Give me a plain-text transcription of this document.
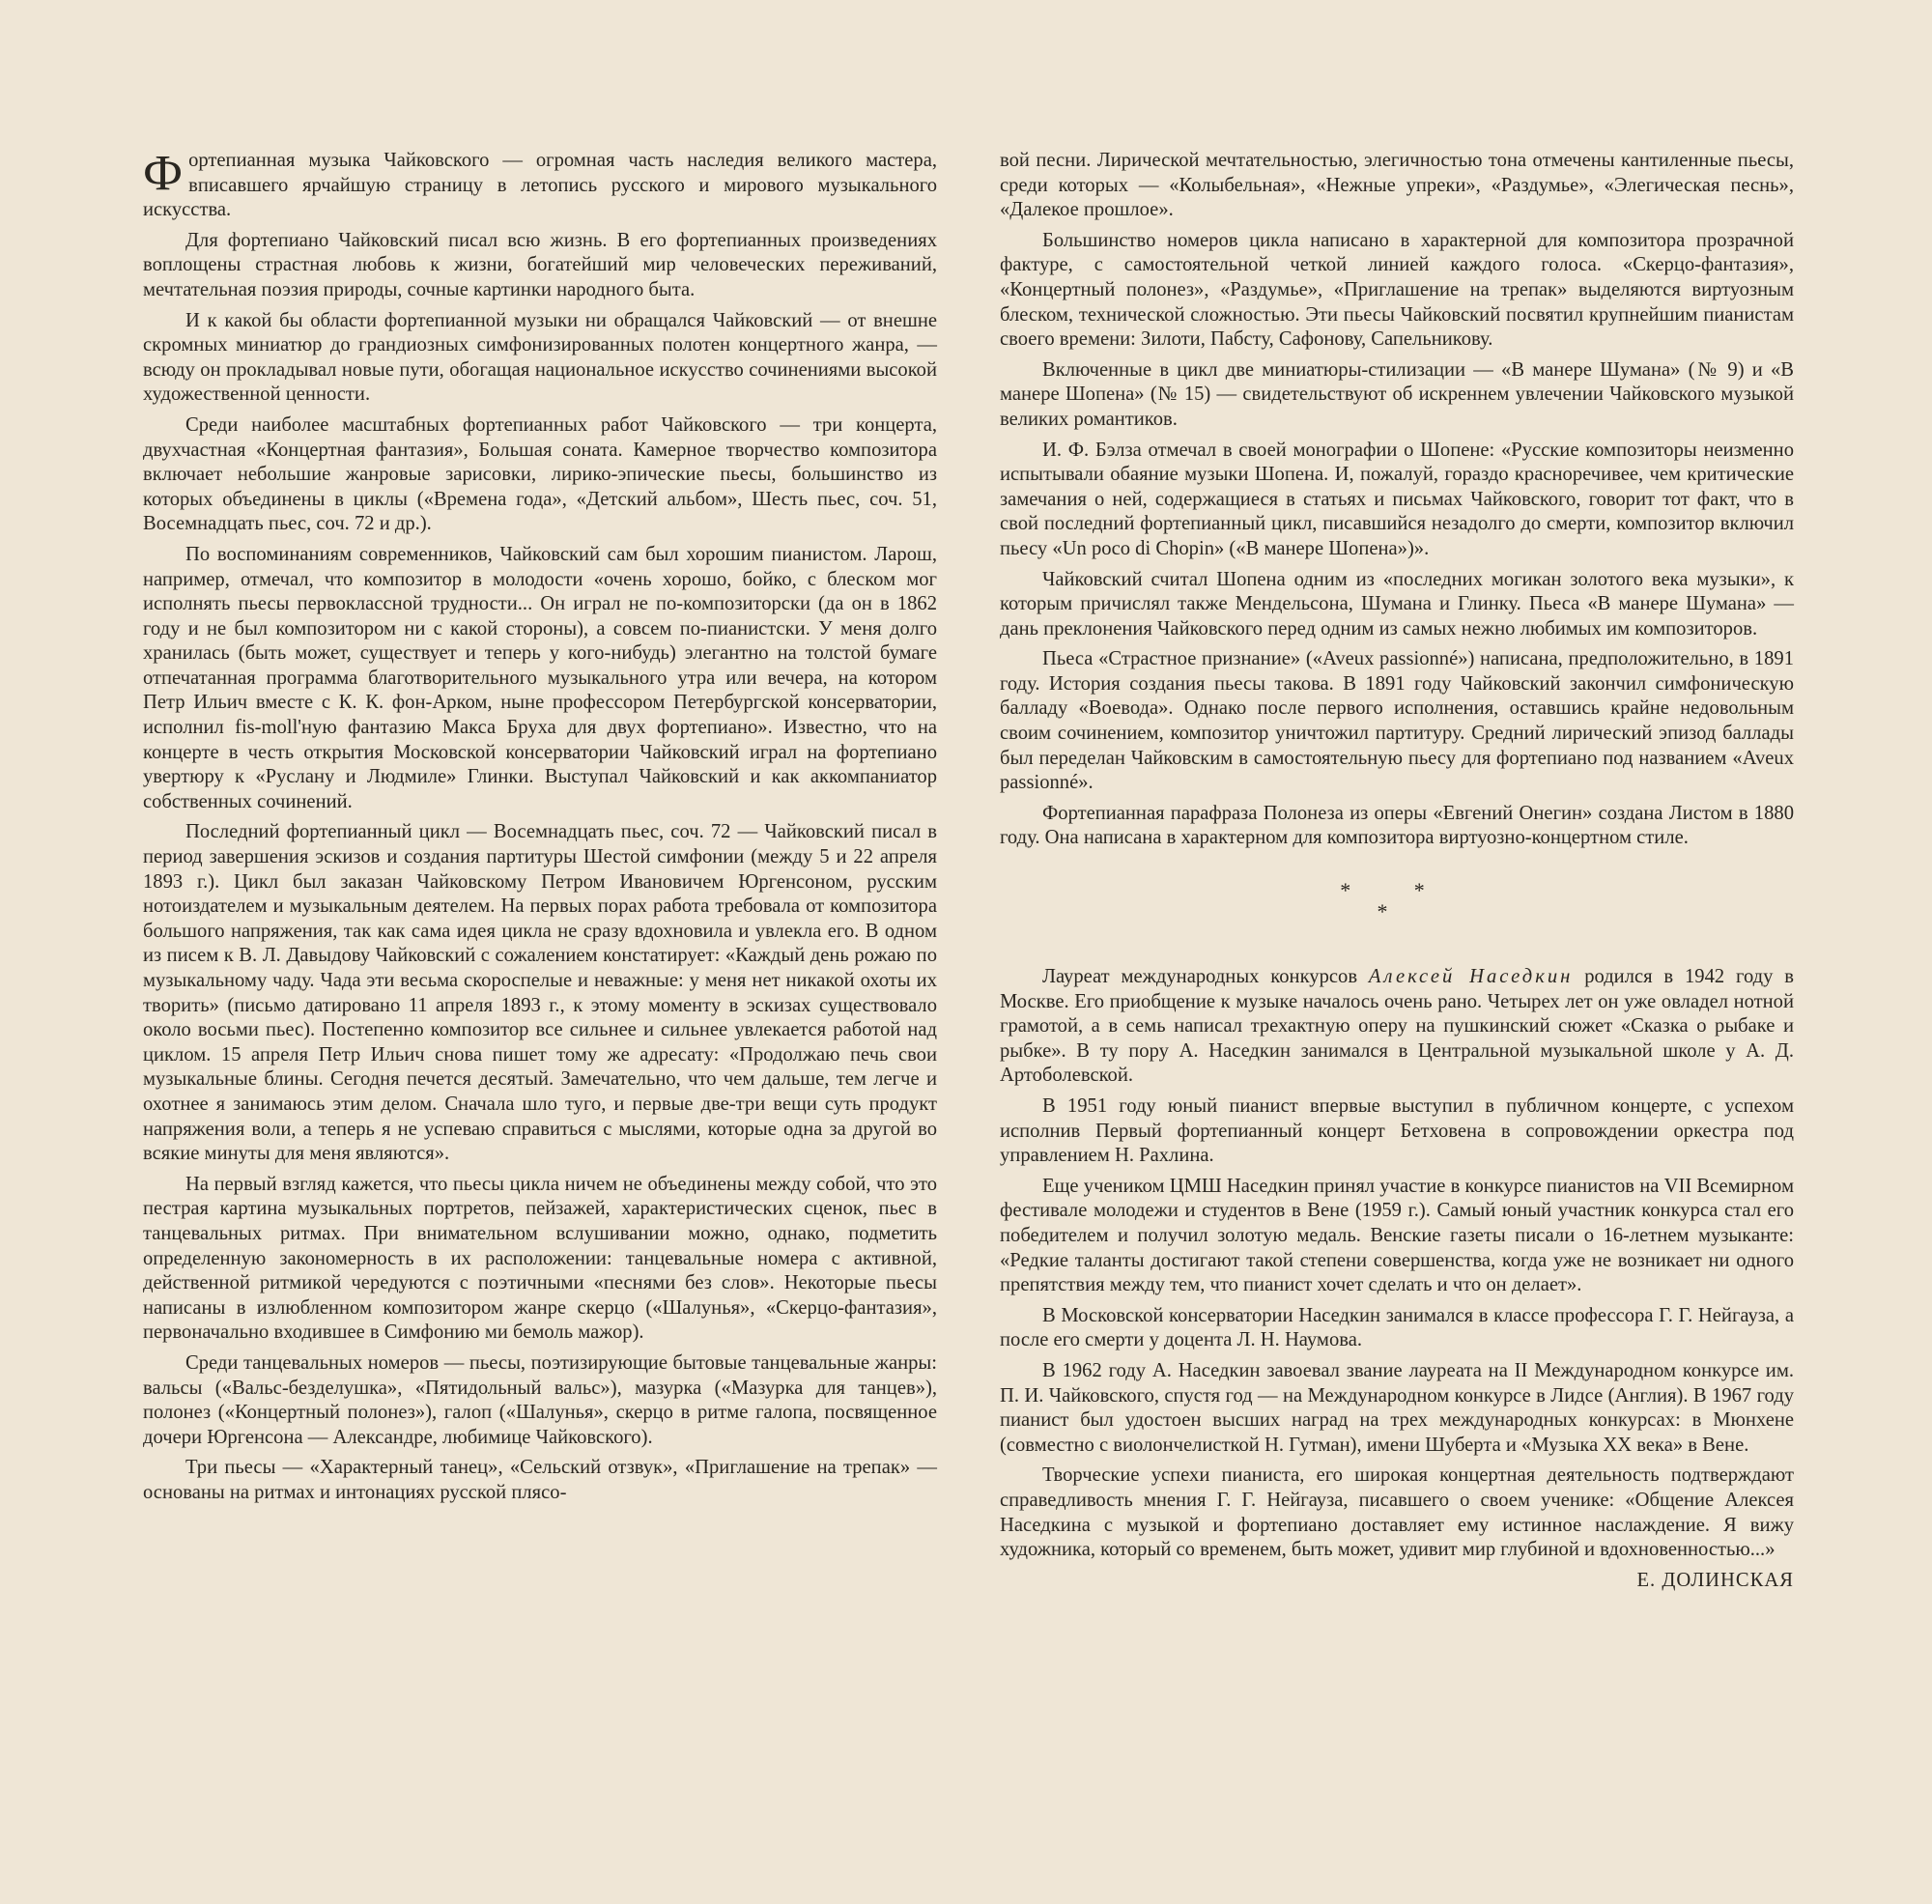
Фортепианная музыка Чайковского — огромная часть наследия великого мастера, вписавшего ярчайшую страницу в летопись русского и мирового музыкального искусства.

Для фортепиано Чайковский писал всю жизнь. В его фортепианных произведениях воплощены страстная любовь к жизни, богатейший мир человеческих переживаний, мечтательная поэзия природы, сочные картинки народного быта.

И к какой бы области фортепианной музыки ни обращался Чайковский — от внешне скромных миниатюр до грандиозных симфонизированных полотен концертного жанра, — всюду он прокладывал новые пути, обогащая национальное искусство сочинениями высокой художественной ценности.

Среди наиболее масштабных фортепианных работ Чайковского — три концерта, двухчастная «Концертная фантазия», Большая соната. Камерное творчество композитора включает небольшие жанровые зарисовки, лирико-эпические пьесы, большинство из которых объединены в циклы («Времена года», «Детский альбом», Шесть пьес, соч. 51, Восемнадцать пьес, соч. 72 и др.).

По воспоминаниям современников, Чайковский сам был хорошим пианистом. Ларош, например, отмечал, что композитор в молодости «очень хорошо, бойко, с блеском мог исполнять пьесы первоклассной трудности... Он играл не по-композиторски (да он в 1862 году и не был композитором ни с какой стороны), а совсем по-пианистски. У меня долго хранилась (быть может, существует и теперь у кого-нибудь) элегантно на толстой бумаге отпечатанная программа благотворительного музыкального утра или вечера, на котором Петр Ильич вместе с К. К. фон-Арком, ныне профессором Петербургской консерватории, исполнил fis-moll'ную фантазию Макса Бруха для двух фортепиано». Известно, что на концерте в честь открытия Московской консерватории Чайковский играл на фортепиано увертюру к «Руслану и Людмиле» Глинки. Выступал Чайковский и как аккомпаниатор собственных сочинений.

Последний фортепианный цикл — Восемнадцать пьес, соч. 72 — Чайковский писал в период завершения эскизов и создания партитуры Шестой симфонии (между 5 и 22 апреля 1893 г.). Цикл был заказан Чайковскому Петром Ивановичем Юргенсоном, русским нотоиздателем и музыкальным деятелем. На первых порах работа требовала от композитора большого напряжения, так как сама идея цикла не сразу вдохновила и увлекла его. В одном из писем к В. Л. Давыдову Чайковский с сожалением констатирует: «Каждый день рожаю по музыкальному чаду. Чада эти весьма скороспелые и неважные: у меня нет никакой охоты их творить» (письмо датировано 11 апреля 1893 г., к этому моменту в эскизах существовало около восьми пьес). Постепенно композитор все сильнее и сильнее увлекается работой над циклом. 15 апреля Петр Ильич снова пишет тому же адресату: «Продолжаю печь свои музыкальные блины. Сегодня печется десятый. Замечательно, что чем дальше, тем легче и охотнее я занимаюсь этим делом. Сначала шло туго, и первые две-три вещи суть продукт напряжения воли, а теперь я не успеваю справиться с мыслями, которые одна за другой во всякие минуты для меня являются».

На первый взгляд кажется, что пьесы цикла ничем не объединены между собой, что это пестрая картина музыкальных портретов, пейзажей, характеристических сценок, пьес в танцевальных ритмах. При внимательном вслушивании можно, однако, подметить определенную закономерность в их расположении: танцевальные номера с активной, действенной ритмикой чередуются с поэтичными «песнями без слов». Некоторые пьесы написаны в излюбленном композитором жанре скерцо («Шалунья», «Скерцо-фантазия», первоначально входившее в Симфонию ми бемоль мажор).

Среди танцевальных номеров — пьесы, поэтизирующие бытовые танцевальные жанры: вальсы («Вальс-безделушка», «Пятидольный вальс»), мазурка («Мазурка для танцев»), полонез («Концертный полонез»), галоп («Шалунья», скерцо в ритме галопа, посвященное дочери Юргенсона — Александре, любимице Чайковского).

Три пьесы — «Характерный танец», «Сельский отзвук», «Приглашение на трепак» — основаны на ритмах и интонациях русской плясо-

вой песни. Лирической мечтательностью, элегичностью тона отмечены кантиленные пьесы, среди которых — «Колыбельная», «Нежные упреки», «Раздумье», «Элегическая песнь», «Далекое прошлое».

Большинство номеров цикла написано в характерной для композитора прозрачной фактуре, с самостоятельной четкой линией каждого голоса. «Скерцо-фантазия», «Концертный полонез», «Раздумье», «Приглашение на трепак» выделяются виртуозным блеском, технической сложностью. Эти пьесы Чайковский посвятил крупнейшим пианистам своего времени: Зилоти, Пабсту, Сафонову, Сапельникову.

Включенные в цикл две миниатюры-стилизации — «В манере Шумана» (№ 9) и «В манере Шопена» (№ 15) — свидетельствуют об искреннем увлечении Чайковского музыкой великих романтиков.

И. Ф. Бэлза отмечал в своей монографии о Шопене: «Русские композиторы неизменно испытывали обаяние музыки Шопена. И, пожалуй, гораздо красноречивее, чем критические замечания о ней, содержащиеся в статьях и письмах Чайковского, говорит тот факт, что в свой последний фортепианный цикл, писавшийся незадолго до смерти, композитор включил пьесу «Un poco di Chopin» («В манере Шопена»)».

Чайковский считал Шопена одним из «последних могикан золотого века музыки», к которым причислял также Мендельсона, Шумана и Глинку. Пьеса «В манере Шумана» — дань преклонения Чайковского перед одним из самых нежно любимых им композиторов.

Пьеса «Страстное признание» («Aveux passionné») написана, предположительно, в 1891 году. История создания пьесы такова. В 1891 году Чайковский закончил симфоническую балладу «Воевода». Однако после первого исполнения, оставшись крайне недовольным своим сочинением, композитор уничтожил партитуру. Средний лирический эпизод баллады был переделан Чайковским в самостоятельную пьесу для фортепиано под названием «Aveux passionné».

Фортепианная парафраза Полонеза из оперы «Евгений Онегин» создана Листом в 1880 году. Она написана в характерном для композитора виртуозно-концертном стиле.

* *
*

Лауреат международных конкурсов Алексей Наседкин родился в 1942 году в Москве. Его приобщение к музыке началось очень рано. Четырех лет он уже овладел нотной грамотой, а в семь написал трехактную оперу на пушкинский сюжет «Сказка о рыбаке и рыбке». В ту пору А. Наседкин занимался в Центральной музыкальной школе у А. Д. Артоболевской.

В 1951 году юный пианист впервые выступил в публичном концерте, с успехом исполнив Первый фортепианный концерт Бетховена в сопровождении оркестра под управлением Н. Рахлина.

Еще учеником ЦМШ Наседкин принял участие в конкурсе пианистов на VII Всемирном фестивале молодежи и студентов в Вене (1959 г.). Самый юный участник конкурса стал его победителем и получил золотую медаль. Венские газеты писали о 16-летнем музыканте: «Редкие таланты достигают такой степени совершенства, когда уже не возникает ни одного препятствия между тем, что пианист хочет сделать и что он делает».

В Московской консерватории Наседкин занимался в классе профессора Г. Г. Нейгауза, а после его смерти у доцента Л. Н. Наумова.

В 1962 году А. Наседкин завоевал звание лауреата на II Международном конкурсе им. П. И. Чайковского, спустя год — на Международном конкурсе в Лидсе (Англия). В 1967 году пианист был удостоен высших наград на трех международных конкурсах: в Мюнхене (совместно с виолончелисткой Н. Гутман), имени Шуберта и «Музыка XX века» в Вене.

Творческие успехи пианиста, его широкая концертная деятельность подтверждают справедливость мнения Г. Г. Нейгауза, писавшего о своем ученике: «Общение Алексея Наседкина с музыкой и фортепиано доставляет ему истинное наслаждение. Я вижу художника, который со временем, быть может, удивит мир глубиной и вдохновенностью...»

Е. ДОЛИНСКАЯ
